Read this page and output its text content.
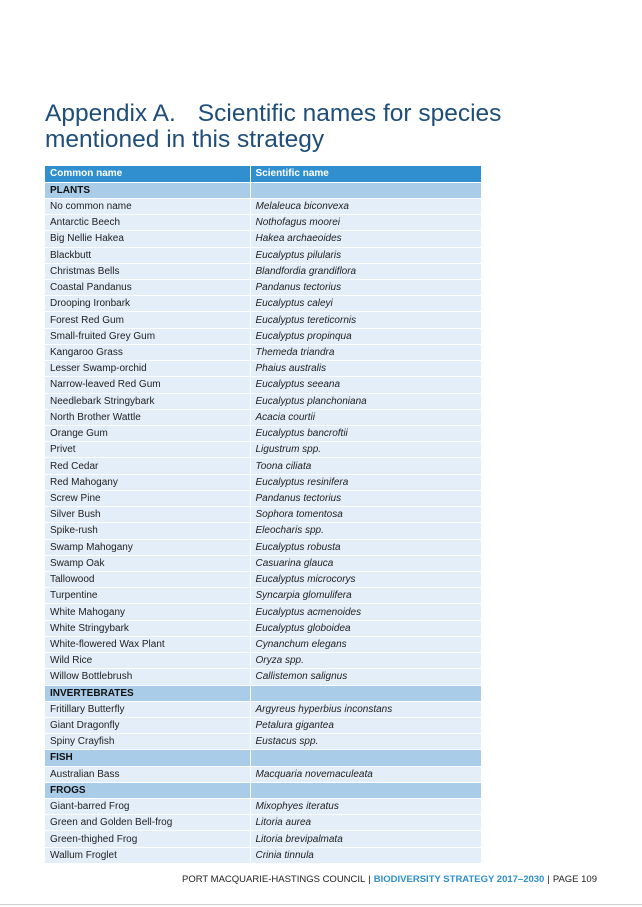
Appendix A. Scientific names for species
mentioned in this strategy
Common name	Scientific name
PLANTS	
No common name	Melaleuca biconvexa
Antarctic Beech	Nothofagus moorei
Big Nellie Hakea	Hakea archaeoides
Blackbutt	Eucalyptus pilularis
Christmas Bells	Blandfordia grandiflora
Coastal Pandanus	Pandanus tectorius
Drooping Ironbark	Eucalyptus caleyi
Forest Red Gum	Eucalyptus tereticornis
Small-fruited Grey Gum	Eucalyptus propinqua
Kangaroo Grass	Themeda triandra
Lesser Swamp-orchid	Phaius australis
Narrow-leaved Red Gum	Eucalyptus seeana
Needlebark Stringybark	Eucalyptus planchoniana
North Brother Wattle	Acacia courtii
Orange Gum	Eucalyptus bancroftii
Privet	Ligustrum spp.
Red Cedar	Toona ciliata
Red Mahogany	Eucalyptus resinifera
Screw Pine	Pandanus tectorius
Silver Bush	Sophora tomentosa
Spike-rush	Eleocharis spp.
Swamp Mahogany	Eucalyptus robusta
Swamp Oak	Casuarina glauca
Tallowood	Eucalyptus microcorys
Turpentine	Syncarpia glomulifera
White Mahogany	Eucalyptus acmenoides
White Stringybark	Eucalyptus globoidea
White-flowered Wax Plant	Cynanchum elegans
Wild Rice	Oryza spp.
Willow Bottlebrush	Callistemon salignus
INVERTEBRATES	
Fritillary Butterfly	Argyreus hyperbius inconstans
Giant Dragonfly	Petalura gigantea
Spiny Crayfish	Eustacus spp.
FISH	
Australian Bass	Macquaria novemaculeata
FROGS	
Giant-barred Frog	Mixophyes iteratus
Green and Golden Bell-frog	Litoria aurea
Green-thighed Frog	Litoria brevipalmata
Wallum Froglet	Crinia tinnula
PORT MACQUARIE-HASTINGS COUNCIL | BIODIVERSITY STRATEGY 2017–2030 | PAGE 109
